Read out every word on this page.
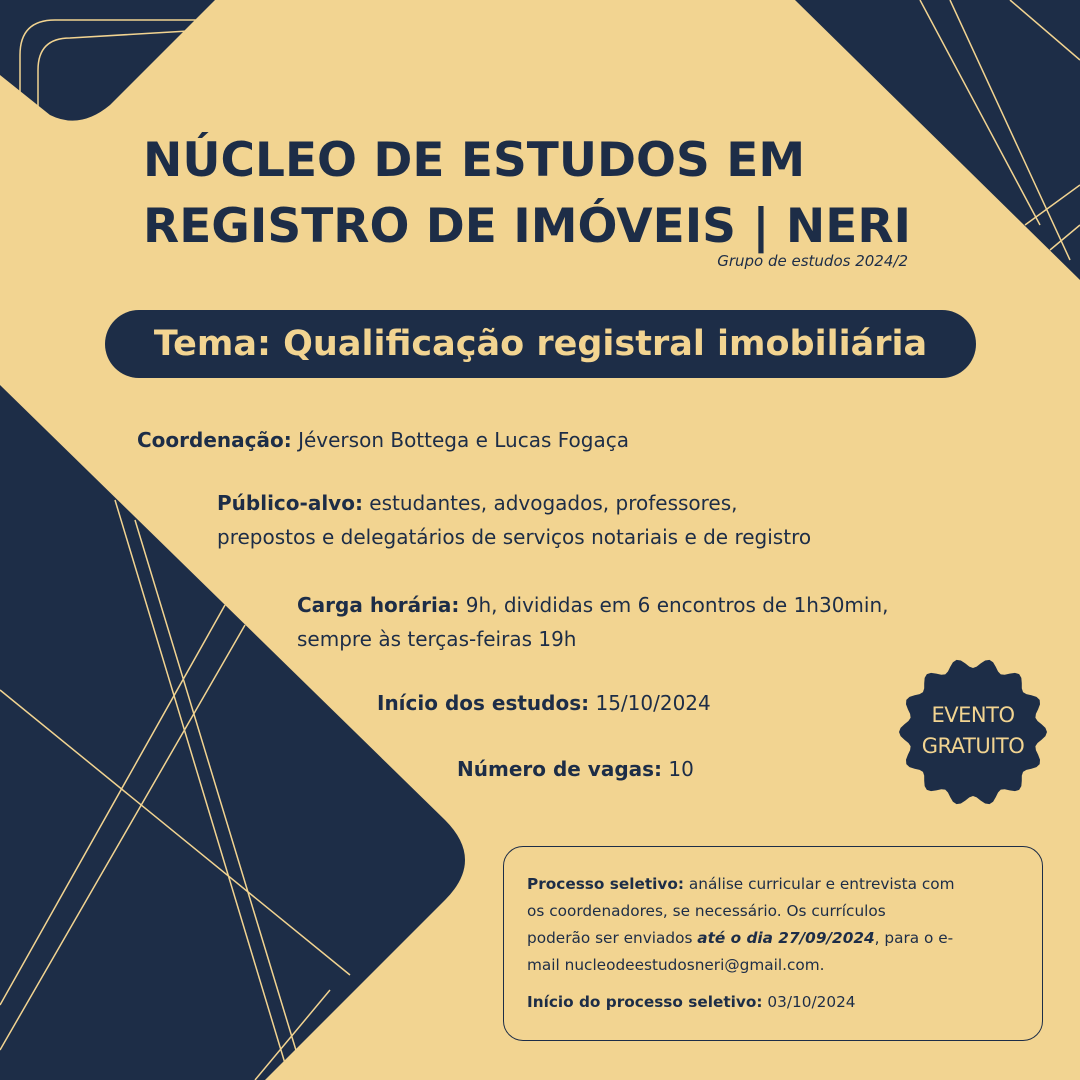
NÚCLEO DE ESTUDOS EM
REGISTRO DE IMÓVEIS | NERI
Grupo de estudos 2024/2
Tema: Qualificação registral imobiliária

Coordenação: Jéverson Bottega e Lucas Fogaça

Público-alvo: estudantes, advogados, professores,
prepostos e delegatários de serviços notariais e de registro

Carga horária: 9h, divididas em 6 encontros de 1h30min,
sempre às terças-feiras 19h

Início dos estudos: 15/10/2024

Número de vagas: 10

EVENTO
GRATUITO

Processo seletivo: análise curricular e entrevista com
os coordenadores, se necessário. Os currículos
poderão ser enviados até o dia 27/09/2024, para o e-
mail nucleodeestudosneri@gmail.com.

Início do processo seletivo: 03/10/2024
